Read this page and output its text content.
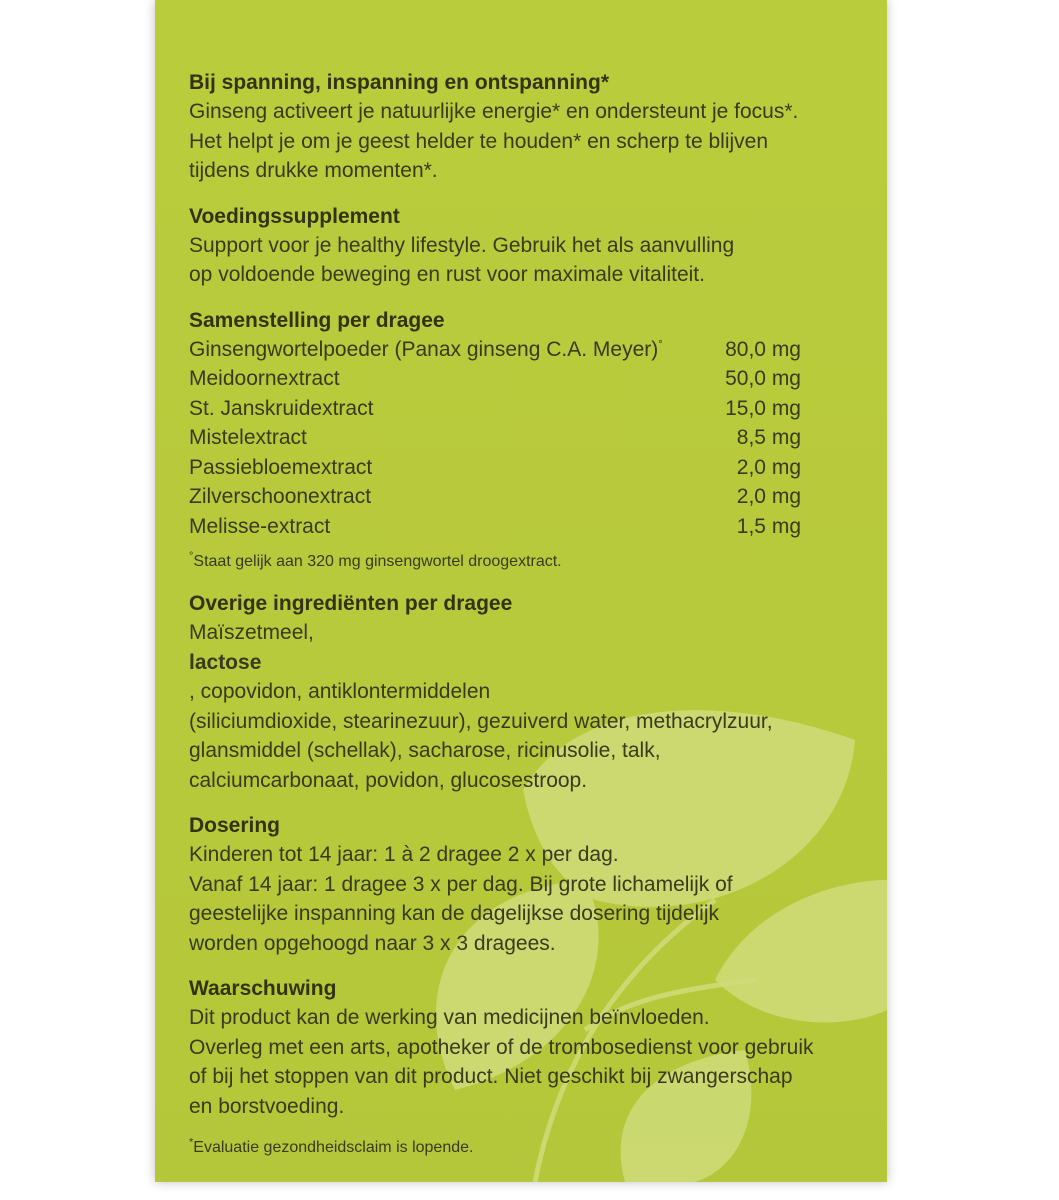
Bij spanning, inspanning en ontspanning*
Ginseng activeert je natuurlijke energie* en ondersteunt je focus*.
Het helpt je om je geest helder te houden* en scherp te blijven
tijdens drukke momenten*.
Voedingssupplement
Support voor je healthy lifestyle. Gebruik het als aanvulling
op voldoende beweging en rust voor maximale vitaliteit.
Samenstelling per dragee
Ginsengwortelpoeder (Panax ginseng C.A. Meyer)°	80,0 mg
Meidoornextract	50,0 mg
St. Janskruidextract	15,0 mg
Mistelextract	8,5 mg
Passiebloemextract	2,0 mg
Zilverschoonextract	2,0 mg
Melisse-extract	1,5 mg
°Staat gelijk aan 320 mg ginsengwortel droogextract.
Overige ingrediënten per dragee
Maïszetmeel,
lactose
, copovidon, antiklontermiddelen
(siliciumdioxide, stearinezuur), gezuiverd water, methacrylzuur,
glansmiddel (schellak), sacharose, ricinusolie, talk,
calciumcarbonaat, povidon, glucosestroop.
Dosering
Kinderen tot 14 jaar: 1 à 2 dragee 2 x per dag.
Vanaf 14 jaar: 1 dragee 3 x per dag. Bij grote lichamelijk of
geestelijke inspanning kan de dagelijkse dosering tijdelijk
worden opgehoogd naar 3 x 3 dragees.
Waarschuwing
Dit product kan de werking van medicijnen beïnvloeden.
Overleg met een arts, apotheker of de trombosedienst voor gebruik
of bij het stoppen van dit product. Niet geschikt bij zwangerschap
en borstvoeding.
*Evaluatie gezondheidsclaim is lopende.
